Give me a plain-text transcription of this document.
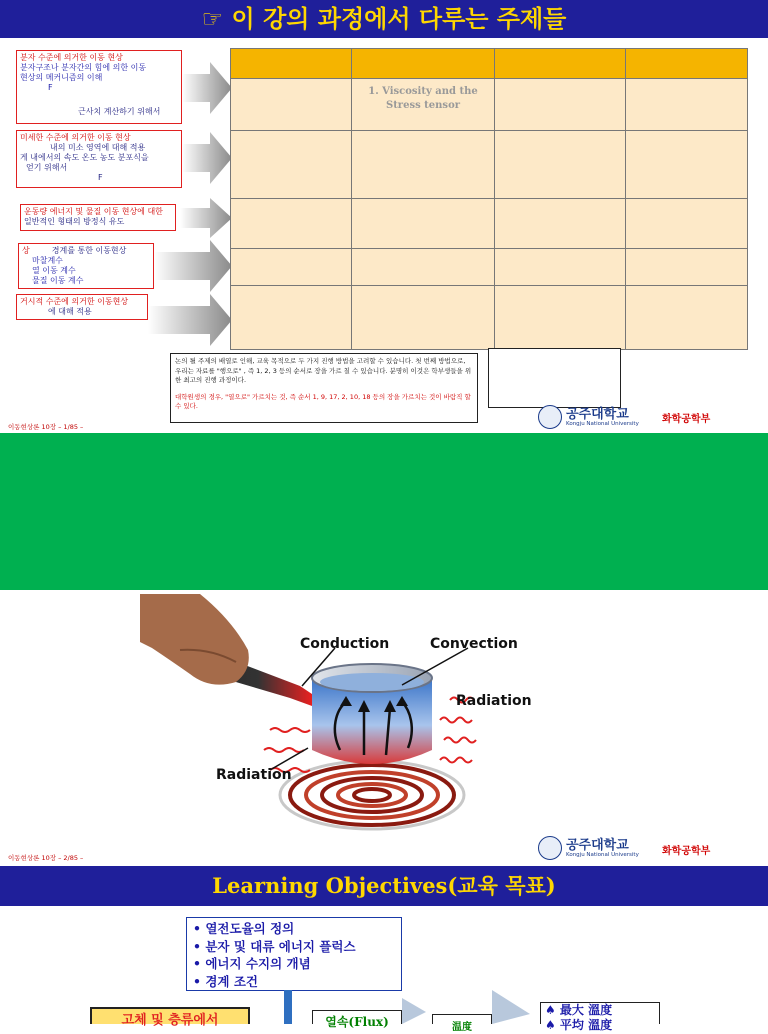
☞ 이 강의 과정에서 다루는 주제들
분자 수준에 의거한 이동 현상
분자구조나 분자간의 힘에 의한 이동
현상의 메커니즘의 이해
F
근사치 계산하기 위해서
미세한 수준에 의거한 이동 현상
내의 미소 영역에 대해 적용
게 내에서의 속도 온도 농도 분포식을
얻기 위해서
F
운동량 에너지 및 물질 이동 현상에 대한
일반적인 형태의 방정식 유도
상	경계를 통한 이동현상
마찰계수
열 이동 계수
물질 이동 계수
거시적 수준에 의거한 이동현상
에 대해 적용

	1. Viscosity and the Stress tensor		

논의 될 주제의 배열로 인해, 교육 목적으로 두 가지 진행 방법을 고려할 수 있습니다. 첫 번째 방법으로, 우리는 자료를 "행으로" , 즉 1, 2, 3 등의 순서로 장을 가르 칠 수 있습니다. 분명히 이것은 학부생들을 위한 최고의 진행 과정이다.
대학원생의 경우, "열으로" 가르치는 것, 즉 순서 1, 9, 17, 2, 10, 18 등의 장을 가르치는 것이 바람직 할 수 있다.
이동현상론 10장 – 1/85 –
공주대학교
Kongju National University 화학공학부
Conduction	Convection
Radiation
Radiation
이동현상론 10장 – 2/85 –
공주대학교
Kongju National University 화학공학부
Learning Objectives(교육 목표)
• 열전도율의 정의
• 분자 및 대류 에너지 플럭스
• 에너지 수지의 개념
• 경계 조건
고체 및 층류에서	열속(Flux)	温度
♠ 最大 溫度
♠ 平均 溫度
